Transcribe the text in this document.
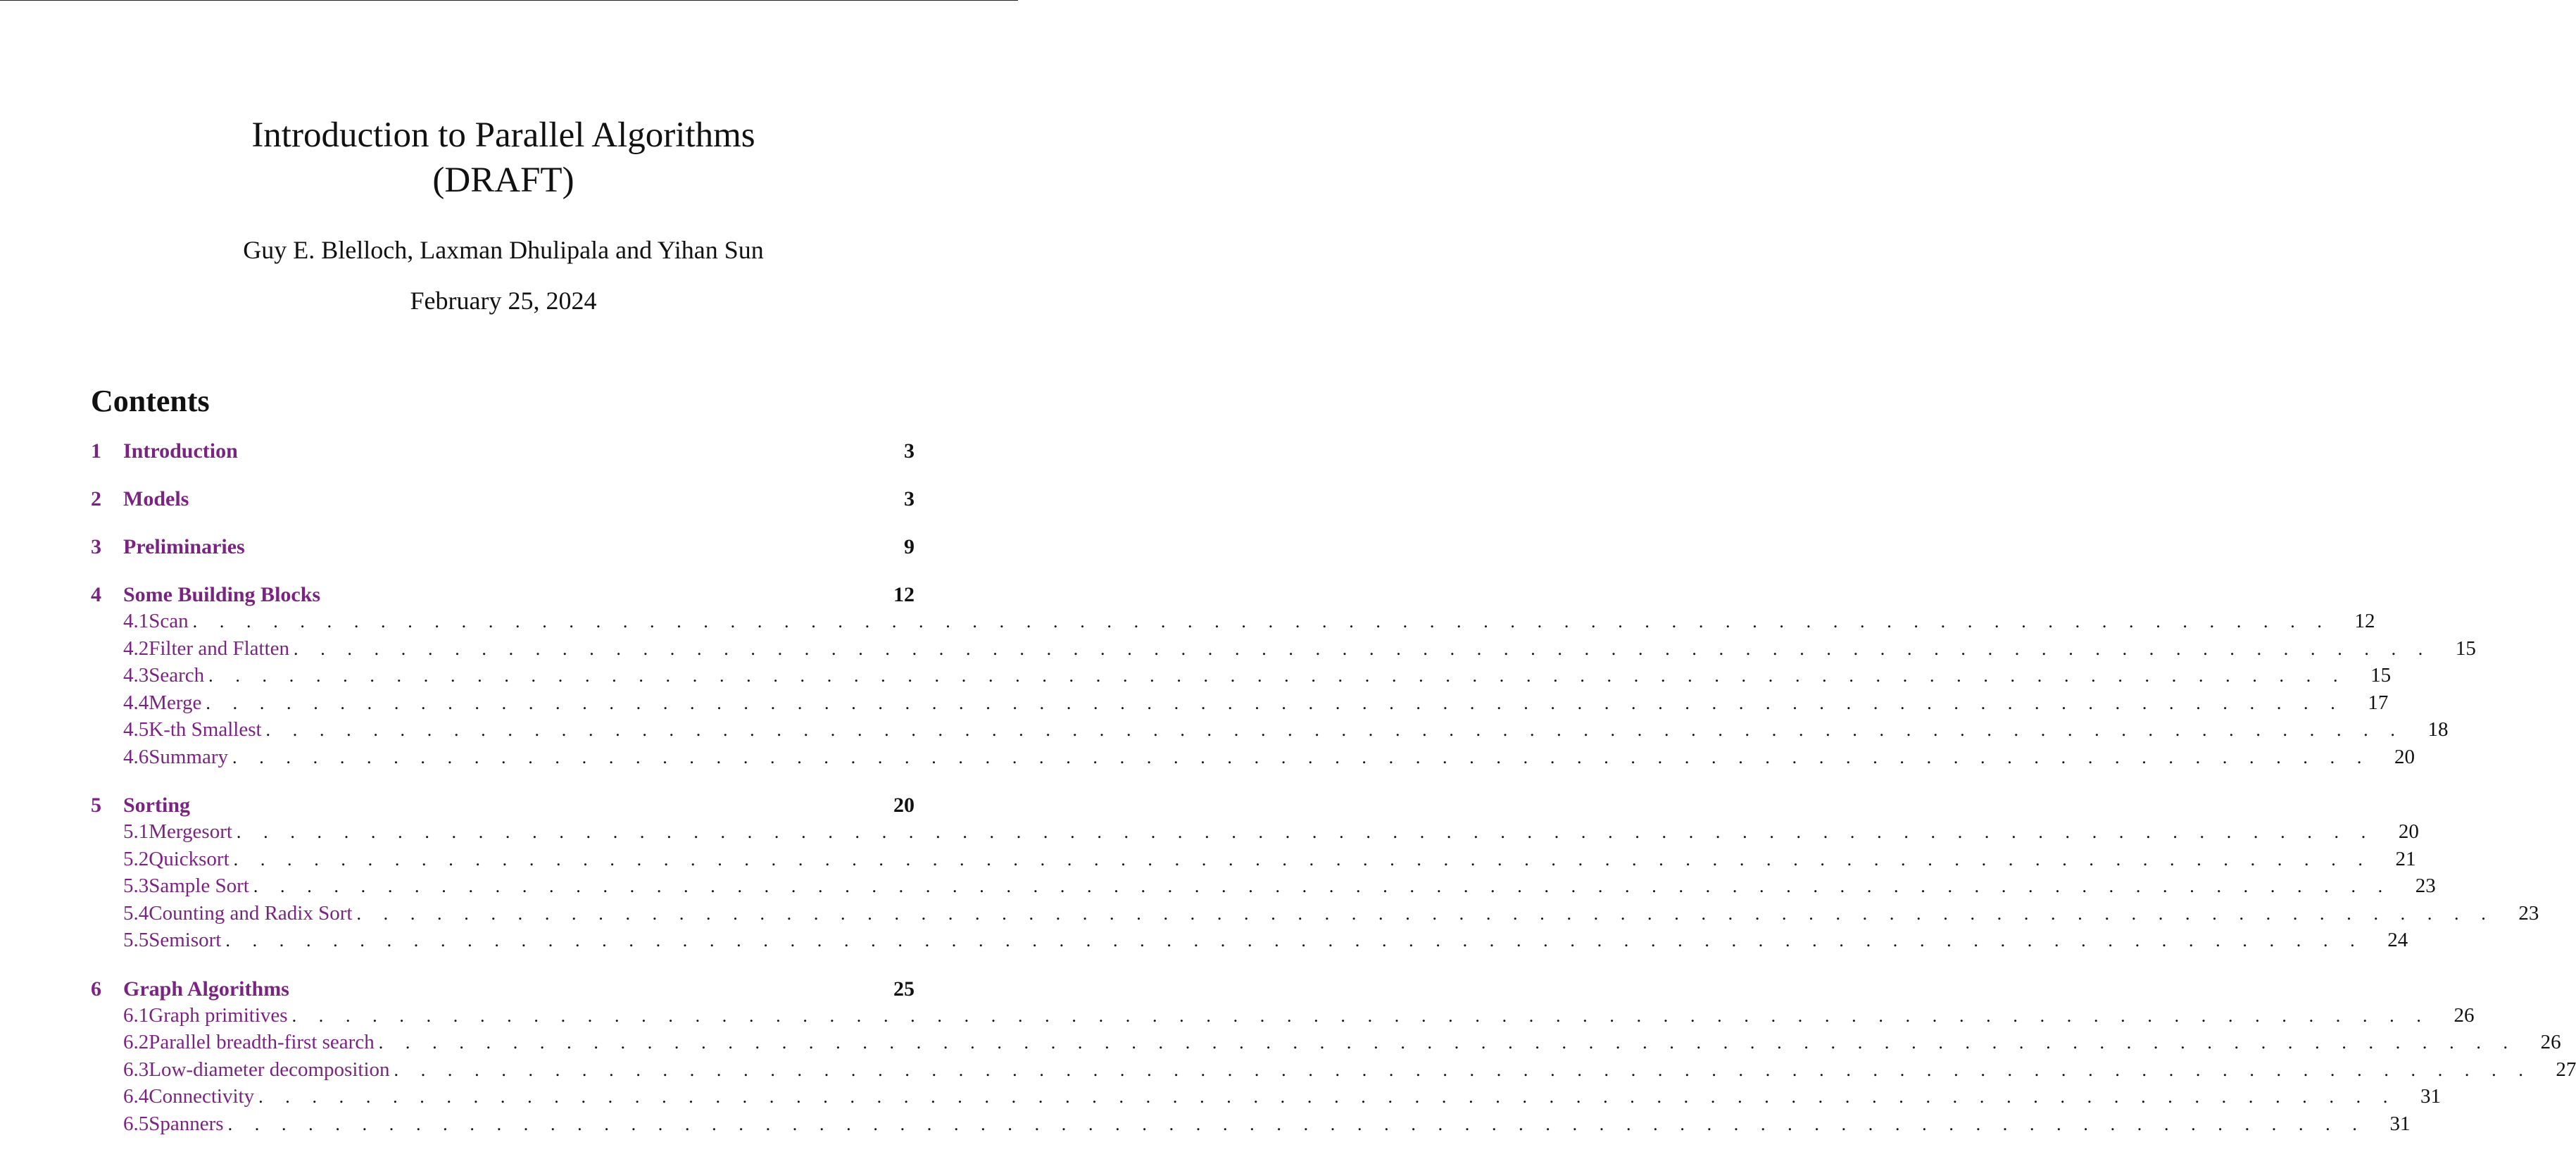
Introduction to Parallel Algorithms
(DRAFT)
Guy E. Blelloch, Laxman Dhulipala and Yihan Sun
February 25, 2024
Contents
1	Introduction	3
2	Models	3
3	Preliminaries	9
4	Some Building Blocks	12
4.1 Scan . . . . . . . . . . . . . . . . . . . . . . . . . . . . . . . . . . . . . . . . . . . . . . . . . . . . . . . . . . . . . . . . . . . . . . . . . . . . . . . . 12
4.2 Filter and Flatten . . . . . . . . . . . . . . . . . . . . . . . . . . . . . . . . . . . . . . . . . . . . . . . . . . . . . . . . . . . . . . . . . . . . . . . . . . . . . . . . 15
4.3 Search . . . . . . . . . . . . . . . . . . . . . . . . . . . . . . . . . . . . . . . . . . . . . . . . . . . . . . . . . . . . . . . . . . . . . . . . . . . . . . . . 15
4.4 Merge . . . . . . . . . . . . . . . . . . . . . . . . . . . . . . . . . . . . . . . . . . . . . . . . . . . . . . . . . . . . . . . . . . . . . . . . . . . . . . . . 17
4.5 K-th Smallest . . . . . . . . . . . . . . . . . . . . . . . . . . . . . . . . . . . . . . . . . . . . . . . . . . . . . . . . . . . . . . . . . . . . . . . . . . . . . . . . 18
4.6 Summary . . . . . . . . . . . . . . . . . . . . . . . . . . . . . . . . . . . . . . . . . . . . . . . . . . . . . . . . . . . . . . . . . . . . . . . . . . . . . . . . 20
5	Sorting	20
5.1 Mergesort . . . . . . . . . . . . . . . . . . . . . . . . . . . . . . . . . . . . . . . . . . . . . . . . . . . . . . . . . . . . . . . . . . . . . . . . . . . . . . . . 20
5.2 Quicksort . . . . . . . . . . . . . . . . . . . . . . . . . . . . . . . . . . . . . . . . . . . . . . . . . . . . . . . . . . . . . . . . . . . . . . . . . . . . . . . . 21
5.3 Sample Sort . . . . . . . . . . . . . . . . . . . . . . . . . . . . . . . . . . . . . . . . . . . . . . . . . . . . . . . . . . . . . . . . . . . . . . . . . . . . . . . . 23
5.4 Counting and Radix Sort . . . . . . . . . . . . . . . . . . . . . . . . . . . . . . . . . . . . . . . . . . . . . . . . . . . . . . . . . . . . . . . . . . . . . . . . . . . . . . . . 23
5.5 Semisort . . . . . . . . . . . . . . . . . . . . . . . . . . . . . . . . . . . . . . . . . . . . . . . . . . . . . . . . . . . . . . . . . . . . . . . . . . . . . . . . 24
6	Graph Algorithms	25
6.1 Graph primitives . . . . . . . . . . . . . . . . . . . . . . . . . . . . . . . . . . . . . . . . . . . . . . . . . . . . . . . . . . . . . . . . . . . . . . . . . . . . . . . . 26
6.2 Parallel breadth-first search . . . . . . . . . . . . . . . . . . . . . . . . . . . . . . . . . . . . . . . . . . . . . . . . . . . . . . . . . . . . . . . . . . . . . . . . . . . . . . . . 26
6.3 Low-diameter decomposition . . . . . . . . . . . . . . . . . . . . . . . . . . . . . . . . . . . . . . . . . . . . . . . . . . . . . . . . . . . . . . . . . . . . . . . . . . . . . . . . 27
6.4 Connectivity . . . . . . . . . . . . . . . . . . . . . . . . . . . . . . . . . . . . . . . . . . . . . . . . . . . . . . . . . . . . . . . . . . . . . . . . . . . . . . . . 31
6.5 Spanners . . . . . . . . . . . . . . . . . . . . . . . . . . . . . . . . . . . . . . . . . . . . . . . . . . . . . . . . . . . . . . . . . . . . . . . . . . . . . . . . 31
